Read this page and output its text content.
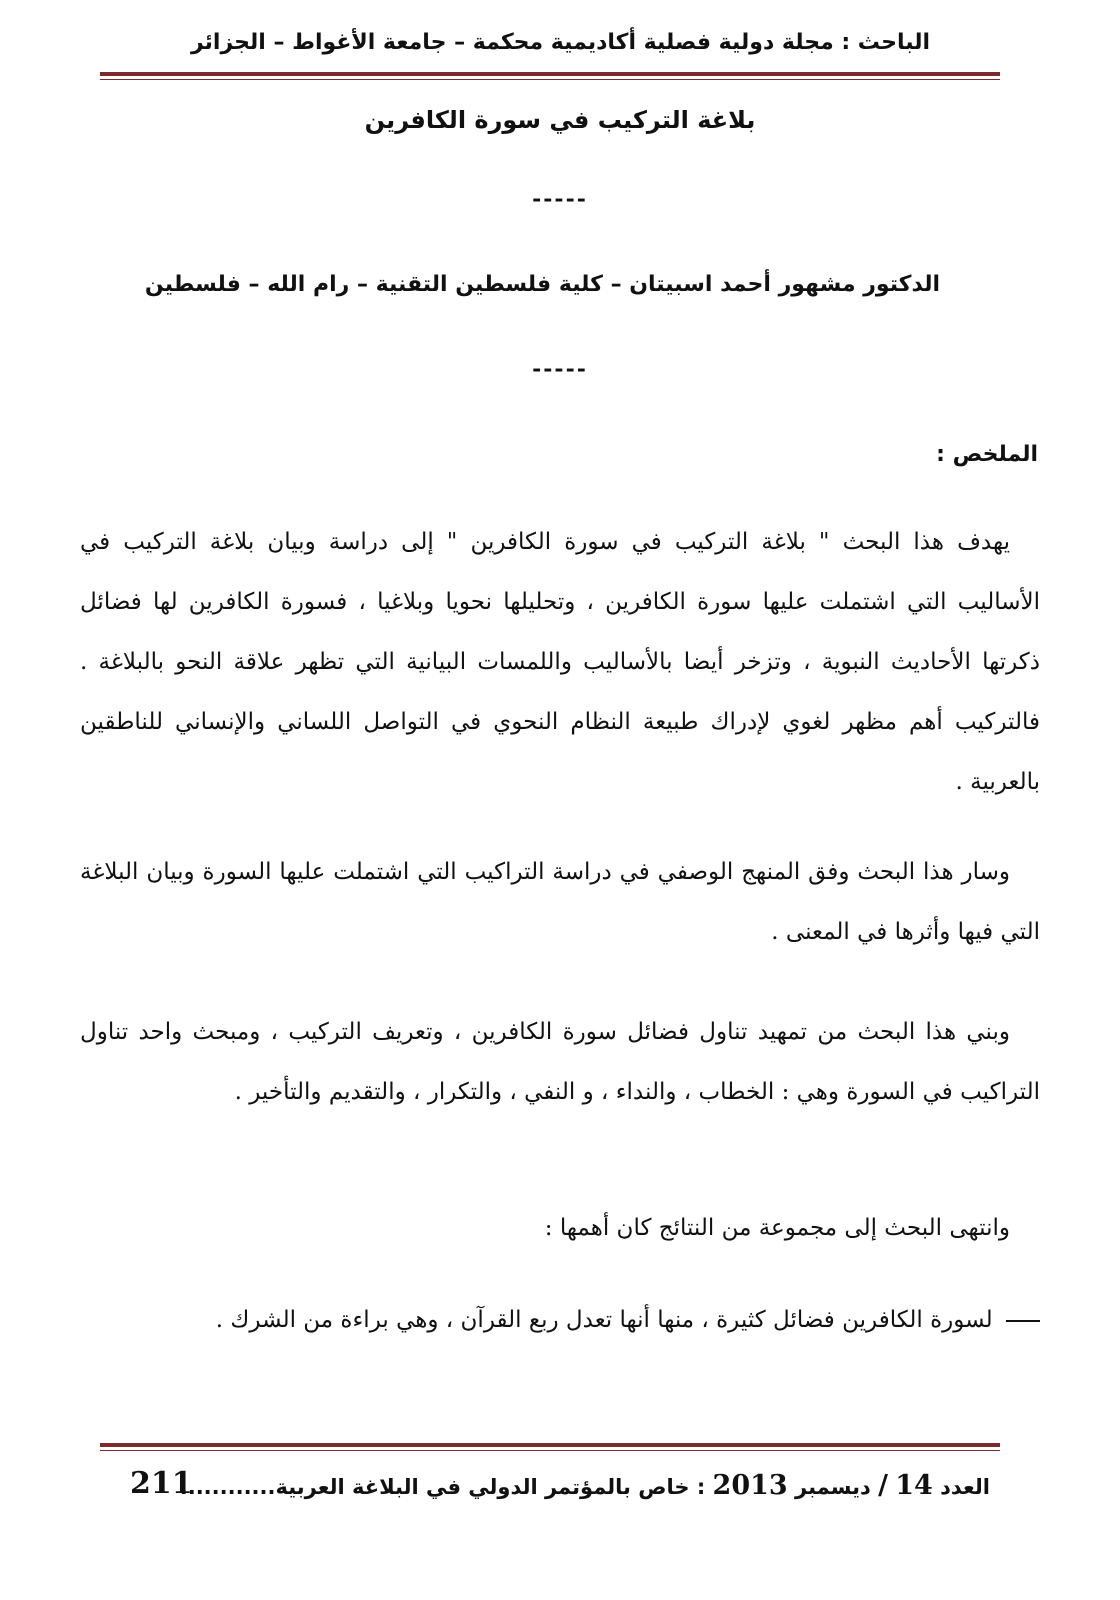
الباحث : مجلة دولية فصلية أكاديمية محكمة – جامعة الأغواط – الجزائر
بلاغة التركيب في سورة الكافرين
-----
الدكتور مشهور أحمد اسبيتان – كلية فلسطين التقنية – رام الله – فلسطين
-----
الملخص :

يهدف هذا البحث " بلاغة التركيب في سورة الكافرين " إلى دراسة وبيان بلاغة التركيب في الأساليب التي اشتملت عليها سورة الكافرين ، وتحليلها نحويا وبلاغيا ، فسورة الكافرين لها فضائل ذكرتها الأحاديث النبوية ، وتزخر أيضا بالأساليب واللمسات البيانية التي تظهر علاقة النحو بالبلاغة . فالتركيب أهم مظهر لغوي لإدراك طبيعة النظام النحوي في التواصل اللساني والإنساني للناطقين بالعربية .

وسار هذا البحث وفق المنهج الوصفي في دراسة التراكيب التي اشتملت عليها السورة وبيان البلاغة التي فيها وأثرها في المعنى .

وبني هذا البحث من تمهيد تناول فضائل سورة الكافرين ، وتعريف التركيب ، ومبحث واحد تناول التراكيب في السورة وهي : الخطاب ، والنداء ، و النفي ، والتكرار ، والتقديم والتأخير .

وانتهى البحث إلى مجموعة من النتائج كان أهمها :

لسورة الكافرين فضائل كثيرة ، منها أنها تعدل ربع القرآن ، وهي براءة من الشرك .

العدد 14 / ديسمبر 2013 : خاص بالمؤتمر الدولي في البلاغة العربية............
211
